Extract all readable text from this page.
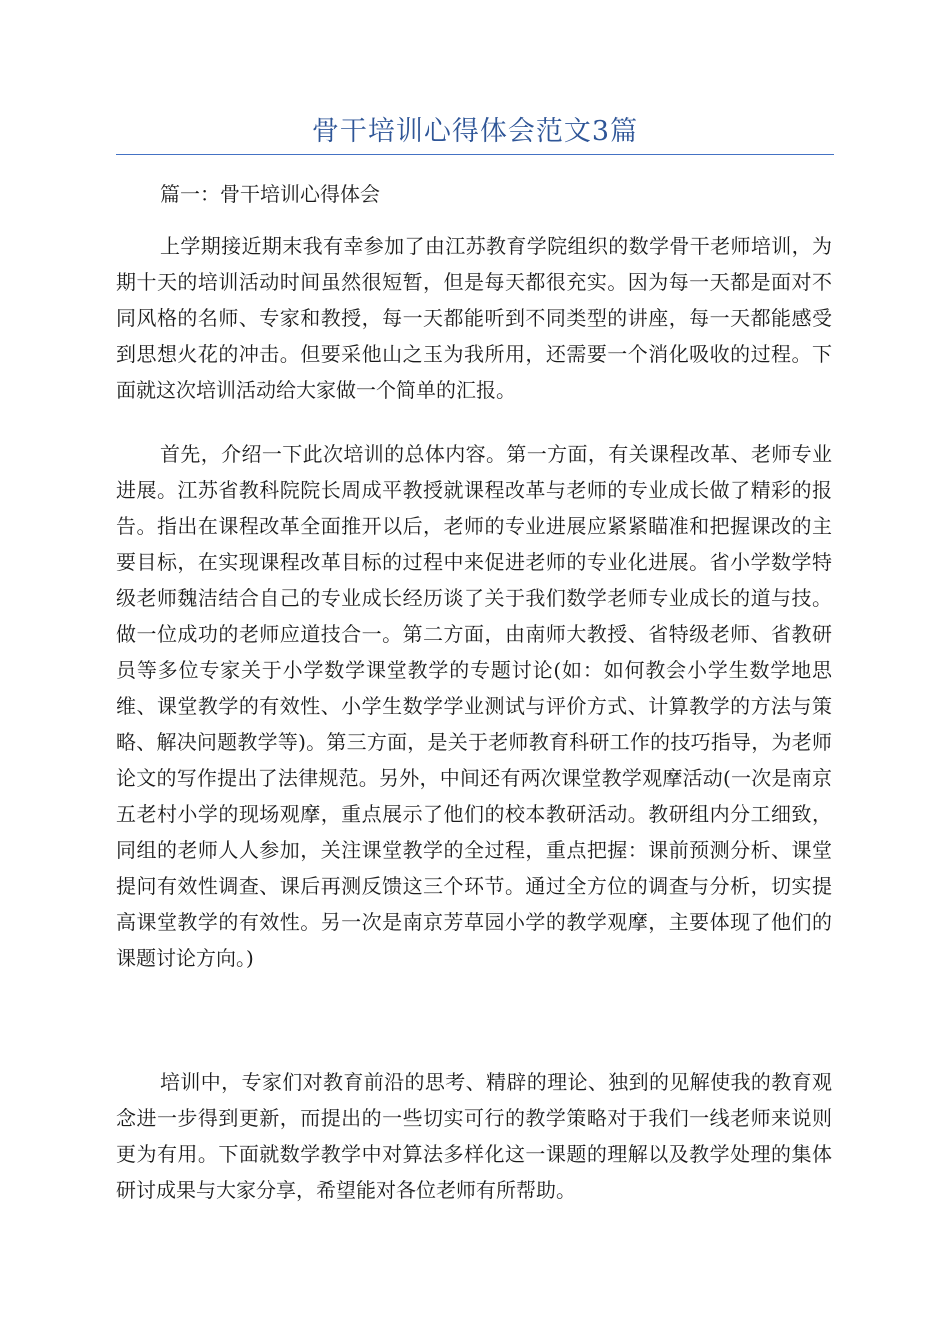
骨干培训心得体会范文3篇
篇一：骨干培训心得体会

上学期接近期末我有幸参加了由江苏教育学院组织的数学骨干老师培训，为期十天的培训活动时间虽然很短暂，但是每天都很充实。因为每一天都是面对不同风格的名师、专家和教授，每一天都能听到不同类型的讲座，每一天都能感受到思想火花的冲击。但要采他山之玉为我所用，还需要一个消化吸收的过程。下面就这次培训活动给大家做一个简单的汇报。

首先，介绍一下此次培训的总体内容。第一方面，有关课程改革、老师专业进展。江苏省教科院院长周成平教授就课程改革与老师的专业成长做了精彩的报告。指出在课程改革全面推开以后，老师的专业进展应紧紧瞄准和把握课改的主要目标，在实现课程改革目标的过程中来促进老师的专业化进展。省小学数学特级老师魏洁结合自己的专业成长经历谈了关于我们数学老师专业成长的道与技。做一位成功的老师应道技合一。第二方面，由南师大教授、省特级老师、省教研员等多位专家关于小学数学课堂教学的专题讨论(如：如何教会小学生数学地思维、课堂教学的有效性、小学生数学学业测试与评价方式、计算教学的方法与策略、解决问题教学等)。第三方面，是关于老师教育科研工作的技巧指导，为老师论文的写作提出了法律规范。另外，中间还有两次课堂教学观摩活动(一次是南京五老村小学的现场观摩，重点展示了他们的校本教研活动。教研组内分工细致，同组的老师人人参加，关注课堂教学的全过程，重点把握：课前预测分析、课堂提问有效性调查、课后再测反馈这三个环节。通过全方位的调查与分析，切实提高课堂教学的有效性。另一次是南京芳草园小学的教学观摩，主要体现了他们的课题讨论方向。)

培训中，专家们对教育前沿的思考、精辟的理论、独到的见解使我的教育观念进一步得到更新，而提出的一些切实可行的教学策略对于我们一线老师来说则更为有用。下面就数学教学中对算法多样化这一课题的理解以及教学处理的集体研讨成果与大家分享，希望能对各位老师有所帮助。
